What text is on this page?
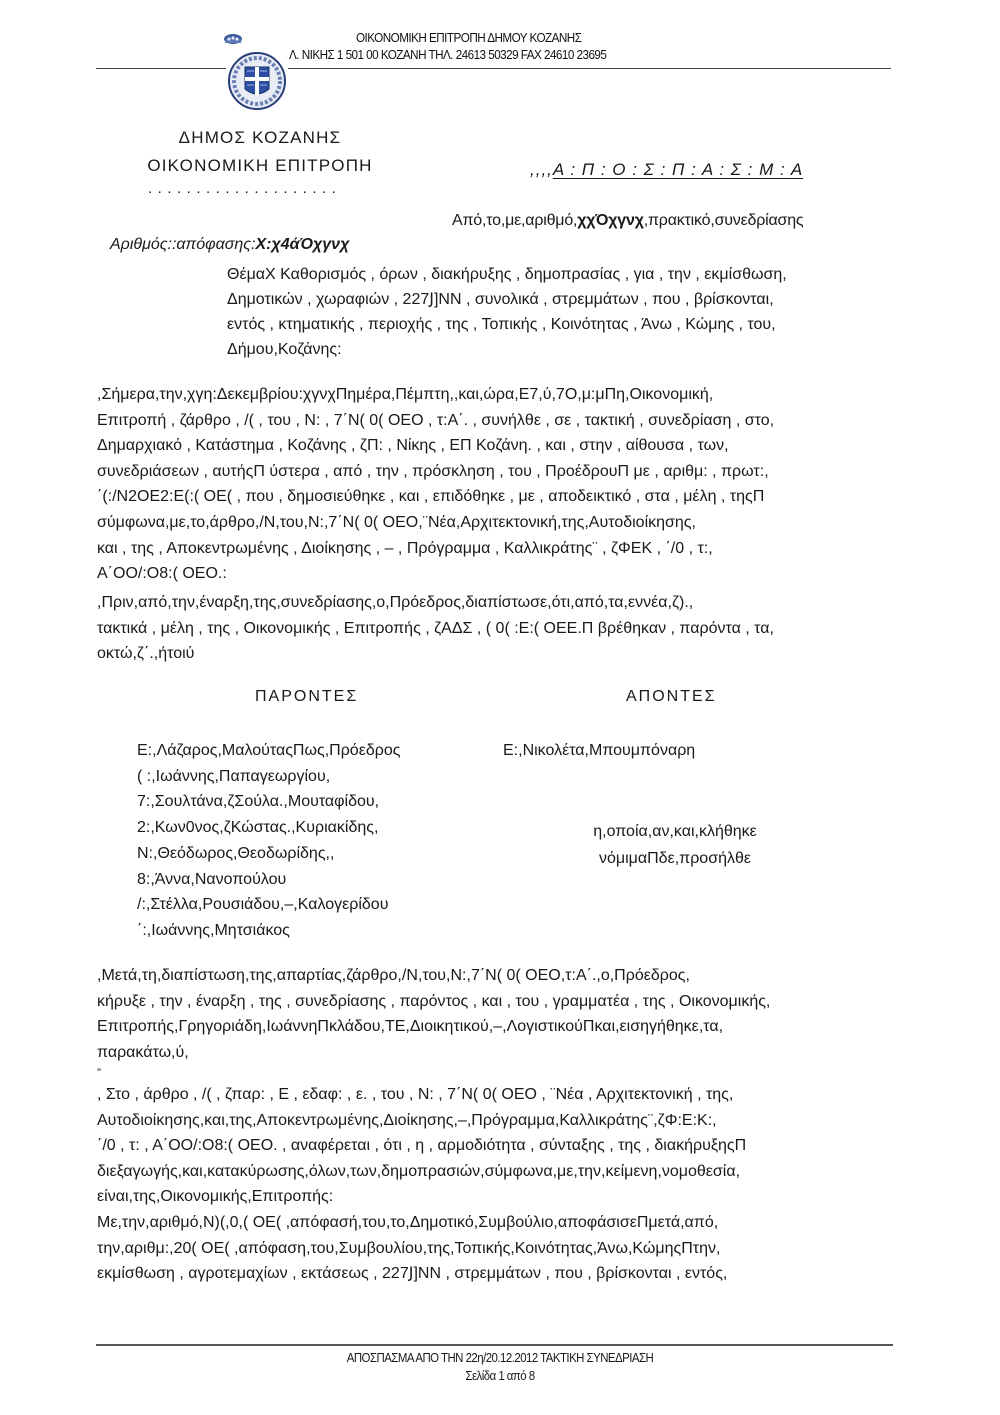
ΟΙΚΟΝΟΜΙΚΗ ΕΠΙΤΡΟΠΗ ΔΗΜΟΥ ΚΟΖΑΝΗΣ
Λ. ΝΙΚΗΣ 1 501 00 ΚΟΖΑΝΗ ΤΗΛ. 24613 50329 FAX 24610 23695
ΔΗΜΟΣ ΚΟΖΑΝΗΣ
ΟΙΚΟΝΟΜΙΚΗ ΕΠΙΤΡΟΠΗ
....................
,,,,Α : Π : Ο : Σ : Π : Α : Σ : Μ : Α
Από,το,με,αριθμό,χχΌχγνχ,πρακτικό,συνεδρίασης
Αριθμός::απόφασης:Χ:χ4άΌχγνχ
ΘέμαΧ Καθορισμός , όρων , διακήρυξης , δημοπρασίας , για , την , εκμίσθωση,
Δημοτικών , χωραφιών , 227Ϳ]ΝΝ , συνολικά , στρεμμάτων , που , βρίσκονται,
εντός , κτηματικής , περιοχής , της , Τοπικής , Κοινότητας , Άνω , Κώμης , του,
Δήμου,Κοζάνης:
,Σήμερα,την,χγη:Δεκεμβρίου:χγνχΠημέρα,Πέμπτη,,και,ώρα,Ε7,ύ,7Ο,μ:μΠη,Οικονομική,
Επιτροπή , ζάρθρο , /( , του , Ν: , 7΄Ν( 0( ΟΕΟ , τ:Α΄. , συνήλθε , σε , τακτική , συνεδρίαση , στο,
Δημαρχιακό , Κατάστημα , Κοζάνης , ζΠ: , Νίκης , ΕΠ Κοζάνη. , και , στην , αίθουσα , των,
συνεδριάσεων , αυτήςΠ ύστερα , από , την , πρόσκληση , του , ΠροέδρουΠ με , αριθμ: , πρωτ:,
΄(:/Ν2ΟΕ2:Ε(:( ΟΕ( , που , δημοσιεύθηκε , και , επιδόθηκε , με , αποδεικτικό , στα , μέλη , τηςΠ
σύμφωνα,με,το,άρθρο,/Ν,του,Ν:,7΄Ν( 0( ΟΕΟ,¨Νέα,Αρχιτεκτονική,της,Αυτοδιοίκησης,
και , της , Αποκεντρωμένης , Διοίκησης , – , Πρόγραμμα , Καλλικράτης¨ , ζΦΕΚ , ΄/0 , τ:,
Α΄ΟΟ/:Ο8:( ΟΕΟ.:
,Πριν,από,την,έναρξη,της,συνεδρίασης,ο,Πρόεδρος,διαπίστωσε,ότι,από,τα,εννέα,ζ).,
τακτικά , μέλη , της , Οικονομικής , Επιτροπής , ζΑΔΣ , ( 0( :Ε:( ΟΕΕ.Π βρέθηκαν , παρόντα , τα,
οκτώ,ζ΄.,ήτοιύ
ΠΑΡΟΝΤΕΣ	ΑΠΟΝΤΕΣ
Ε:,Λάζαρος,ΜαλούταςΠως,Πρόεδρος
( :,Ιωάννης,Παπαγεωργίου,
7:,Σουλτάνα,ζΣούλα.,Μουταφίδου,
2:,Κων0νος,ζΚώστας.,Κυριακίδης,
Ν:,Θεόδωρος,Θεοδωρίδης,,
8:,Άννα,Νανοπούλου
/:,Στέλλα,Ρουσιάδου,–,Καλογερίδου
΄:,Ιωάννης,Μητσιάκος
Ε:,Νικολέτα,Μπουμπόναρη
η,οποία,αν,και,κλήθηκε
νόμιμαΠδε,προσήλθε
,Μετά,τη,διαπίστωση,της,απαρτίας,ζάρθρο,/Ν,του,Ν:,7΄Ν( 0( ΟΕΟ,τ:Α΄.,ο,Πρόεδρος,
κήρυξε , την , έναρξη , της , συνεδρίασης , παρόντος , και , του , γραμματέα , της , Οικονομικής,
Επιτροπής,Γρηγοριάδη,ΙωάννηΠκλάδου,ΤΕ,Διοικητικού,–,ΛογιστικούΠκαι,εισηγήθηκε,τα,
παρακάτω,ύ,
”
, Στο , άρθρο , /( , ζπαρ: , Ε , εδαφ: , ε. , του , Ν: , 7΄Ν( 0( ΟΕΟ , ¨Νέα , Αρχιτεκτονική , της,
Αυτοδιοίκησης,και,της,Αποκεντρωμένης,Διοίκησης,–,Πρόγραμμα,Καλλικράτης¨,ζΦ:Ε:Κ:,
΄/0 , τ: , Α΄ΟΟ/:Ο8:( ΟΕΟ. , αναφέρεται , ότι , η , αρμοδιότητα , σύνταξης , της , διακήρυξηςΠ
διεξαγωγής,και,κατακύρωσης,όλων,των,δημοπρασιών,σύμφωνα,με,την,κείμενη,νομοθεσία,
είναι,της,Οικονομικής,Επιτροπής:
Με,την,αριθμό,Ν)(,0,( ΟΕ( ,απόφασή,του,το,Δημοτικό,Συμβούλιο,αποφάσισεΠμετά,από,
την,αριθμ:,20( ΟΕ( ,απόφαση,του,Συμβουλίου,της,Τοπικής,Κοινότητας,Άνω,ΚώμηςΠτην,
εκμίσθωση , αγροτεμαχίων , εκτάσεως , 227Ϳ]ΝΝ , στρεμμάτων , που , βρίσκονται , εντός,
ΑΠΟΣΠΑΣΜΑ ΑΠΟ ΤΗΝ 22η/20.12.2012 ΤΑΚΤΙΚΗ ΣΥΝΕΔΡΙΑΣΗ
Σελίδα 1 από 8
